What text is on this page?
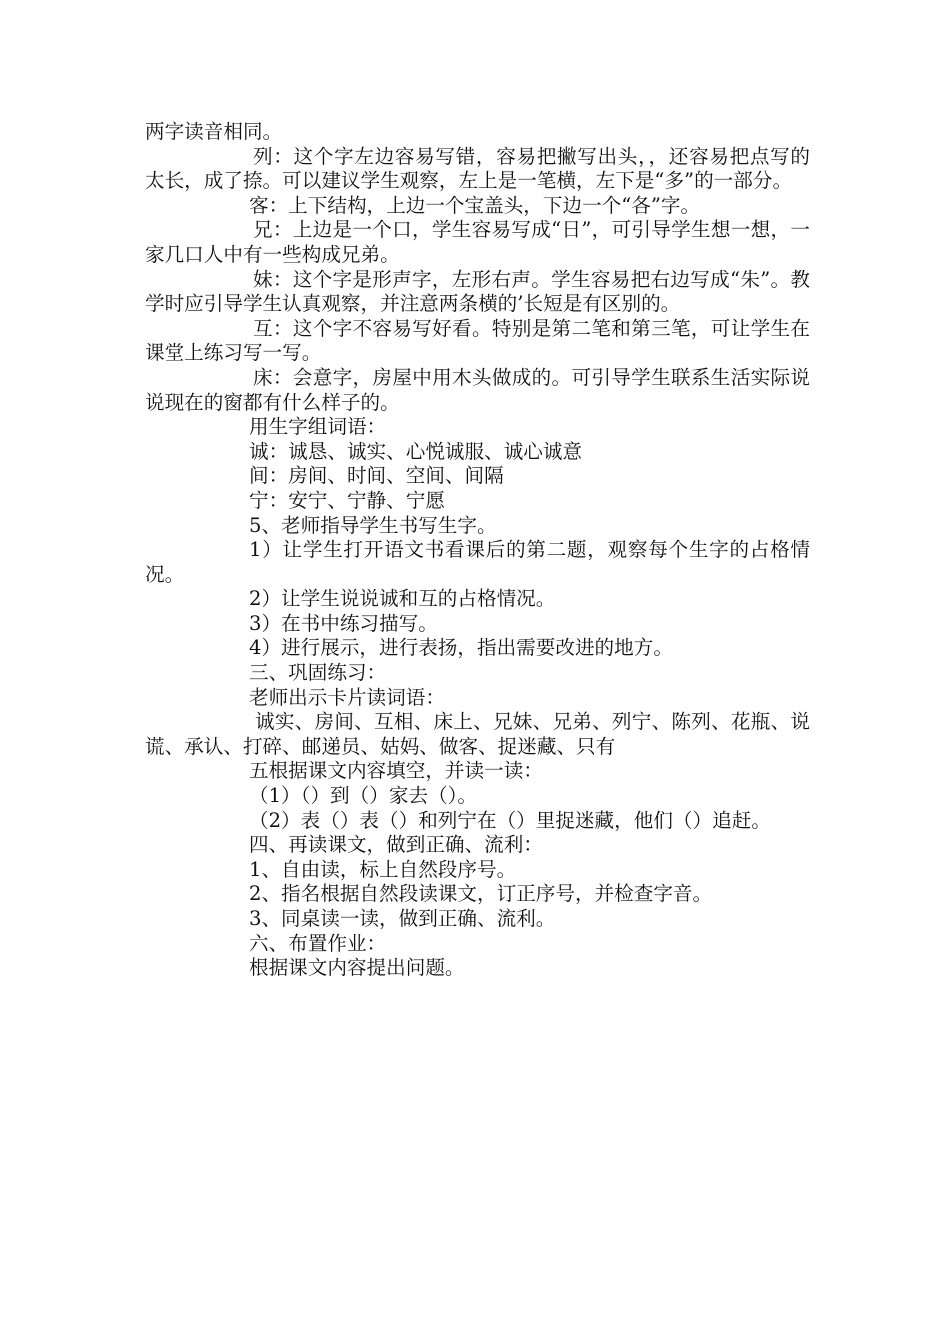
两字读音相同。

列：这个字左边容易写错，容易把撇写出头，，还容易把点写的太长，成了捺。可以建议学生观察，左上是一笔横，左下是“多”的一部分。

客：上下结构，上边一个宝盖头，下边一个“各”字。

兄：上边是一个口，学生容易写成“日”，可引导学生想一想，一家几口人中有一些构成兄弟。

妹：这个字是形声字，左形右声。学生容易把右边写成“朱”。教学时应引导学生认真观察，并注意两条横的’长短是有区别的。

互：这个字不容易写好看。特别是第二笔和第三笔，可让学生在课堂上练习写一写。

床：会意字，房屋中用木头做成的。可引导学生联系生活实际说说现在的窗都有什么样子的。

用生字组词语：

诚：诚恳、诚实、心悦诚服、诚心诚意

间：房间、时间、空间、间隔

宁：安宁、宁静、宁愿

5、老师指导学生书写生字。

1）让学生打开语文书看课后的第二题，观察每个生字的占格情况。

2）让学生说说诚和互的占格情况。

3）在书中练习描写。

4）进行展示，进行表扬，指出需要改进的地方。

三、巩固练习：

老师出示卡片读词语：

诚实、房间、互相、床上、兄妹、兄弟、列宁、陈列、花瓶、说谎、承认、打碎、邮递员、姑妈、做客、捉迷藏、只有

五根据课文内容填空，并读一读：

（1）（）到（）家去（）。

（2）表（）表（）和列宁在（）里捉迷藏，他们（）追赶。

四、再读课文，做到正确、流利：

1、自由读，标上自然段序号。

2、指名根据自然段读课文，订正序号，并检查字音。

3、同桌读一读，做到正确、流利。

六、布置作业：

根据课文内容提出问题。
